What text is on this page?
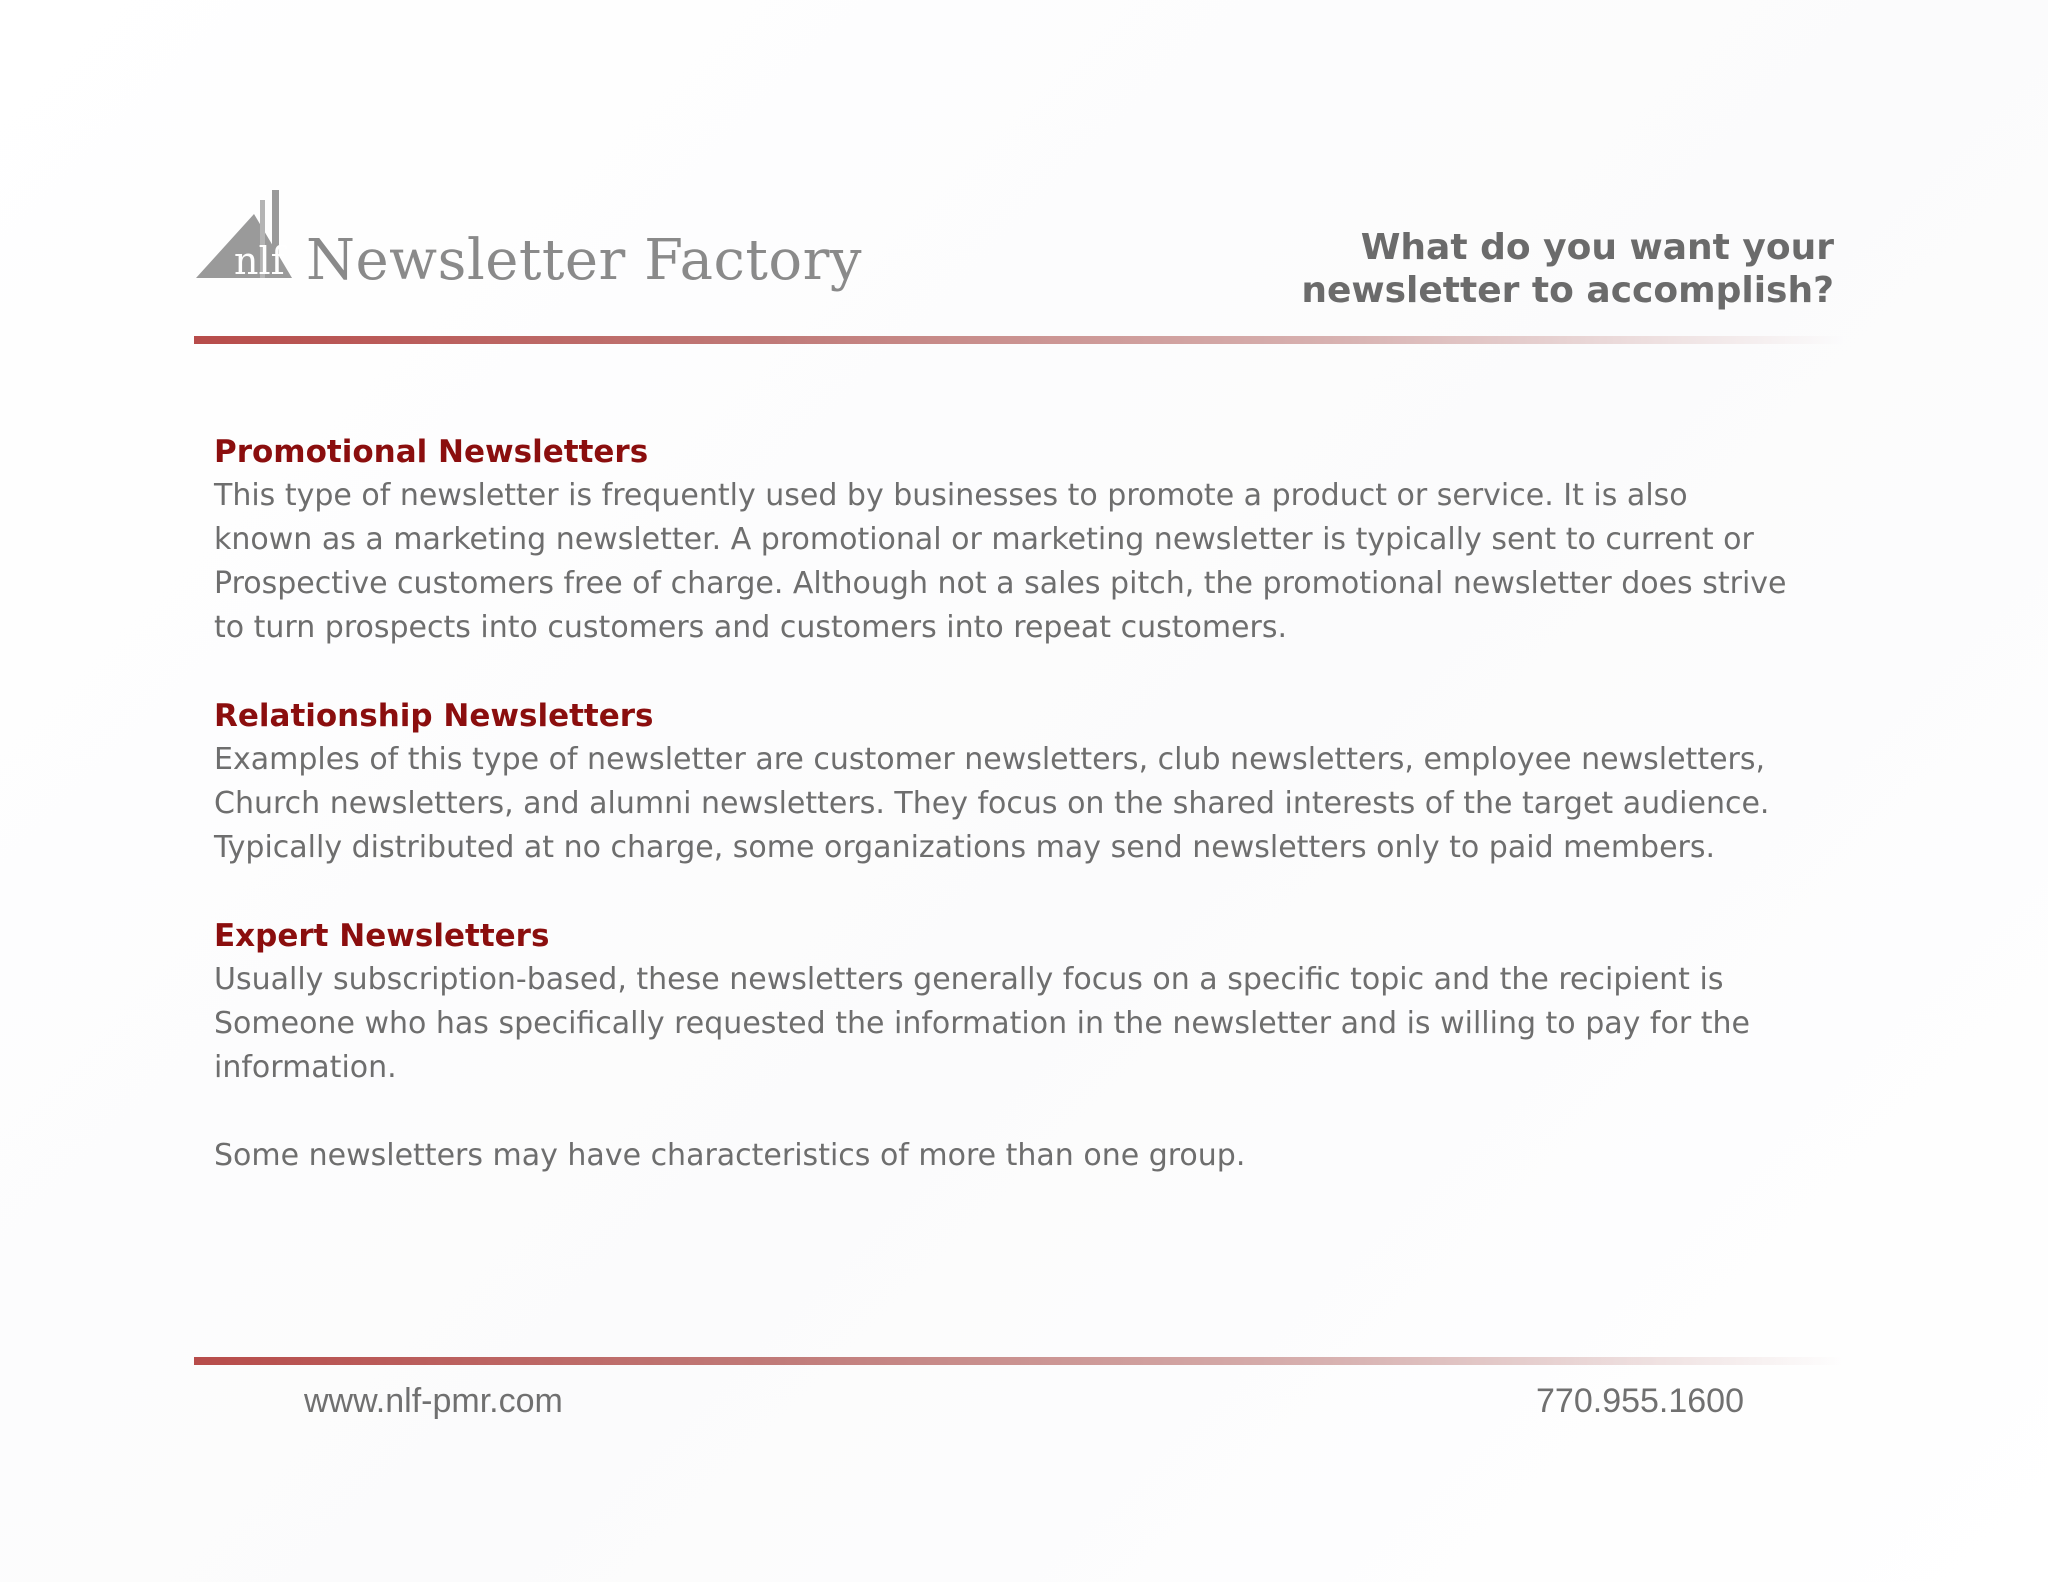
nlf Newsletter Factory	What do you want your
newsletter to accomplish?
Promotional Newsletters

This type of newsletter is frequently used by businesses to promote a product or service. It is also
known as a marketing newsletter. A promotional or marketing newsletter is typically sent to current or
Prospective customers free of charge. Although not a sales pitch, the promotional newsletter does strive
to turn prospects into customers and customers into repeat customers.

Relationship Newsletters

Examples of this type of newsletter are customer newsletters, club newsletters, employee newsletters,
Church newsletters, and alumni newsletters. They focus on the shared interests of the target audience.
Typically distributed at no charge, some organizations may send newsletters only to paid members.

Expert Newsletters

Usually subscription-based, these newsletters generally focus on a specific topic and the recipient is
Someone who has specifically requested the information in the newsletter and is willing to pay for the
information.

Some newsletters may have characteristics of more than one group.

www.nlf-pmr.com	770.955.1600
